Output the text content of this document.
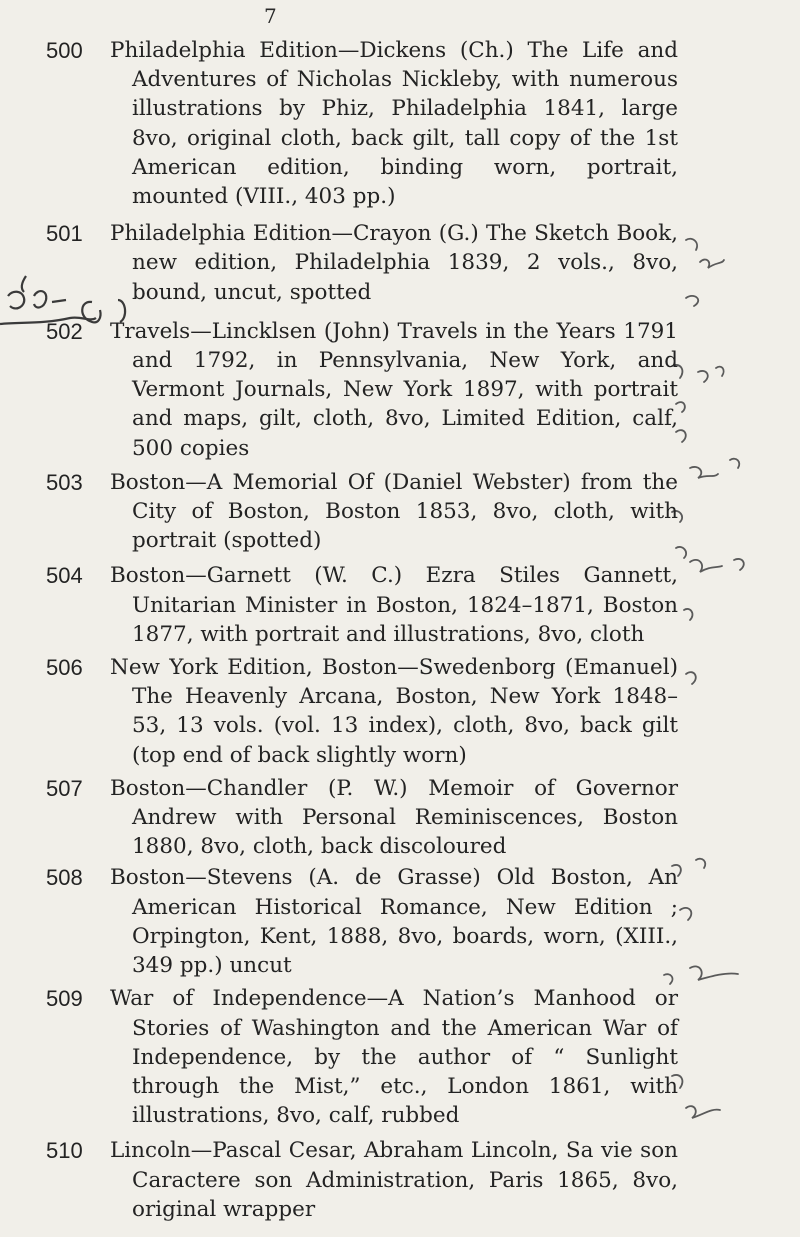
7
500	Philadelphia Edition—Dickens (Ch.) The Life and Adventures of Nicholas Nickleby, with numerous illustrations by Phiz, Philadelphia 1841, large 8vo, original cloth, back gilt, tall copy of the 1st American edition, binding worn, portrait, mounted (VIII., 403 pp.)
501	Philadelphia Edition—Crayon (G.) The Sketch Book, new edition, Philadelphia 1839, 2 vols., 8vo, bound, uncut, spotted
502	Travels—Lincklsen (John) Travels in the Years 1791 and 1792, in Pennsylvania, New York, and Vermont Journals, New York 1897, with portrait and maps, gilt, cloth, 8vo, Limited Edition, calf, 500 copies
503	Boston—A Memorial Of (Daniel Webster) from the City of Boston, Boston 1853, 8vo, cloth, with portrait (spotted)
504	Boston—Garnett (W. C.) Ezra Stiles Gannett, Unitarian Minister in Boston, 1824–1871, Boston 1877, with portrait and illustrations, 8vo, cloth
506	New York Edition, Boston—Swedenborg (Emanuel) The Heavenly Arcana, Boston, New York 1848–53, 13 vols. (vol. 13 index), cloth, 8vo, back gilt (top end of back slightly worn)
507	Boston—Chandler (P. W.) Memoir of Governor Andrew with Personal Reminiscences, Boston 1880, 8vo, cloth, back discoloured
508	Boston—Stevens (A. de Grasse) Old Boston, An American Historical Romance, New Edition ; Orpington, Kent, 1888, 8vo, boards, worn, (XIII., 349 pp.) uncut
509	War of Independence—A Nation’s Manhood or Stories of Washington and the American War of Independence, by the author of “ Sunlight through the Mist,” etc., London 1861, with illustrations, 8vo, calf, rubbed
510	Lincoln—Pascal Cesar, Abraham Lincoln, Sa vie son Caractere son Administration, Paris 1865, 8vo, original wrapper
